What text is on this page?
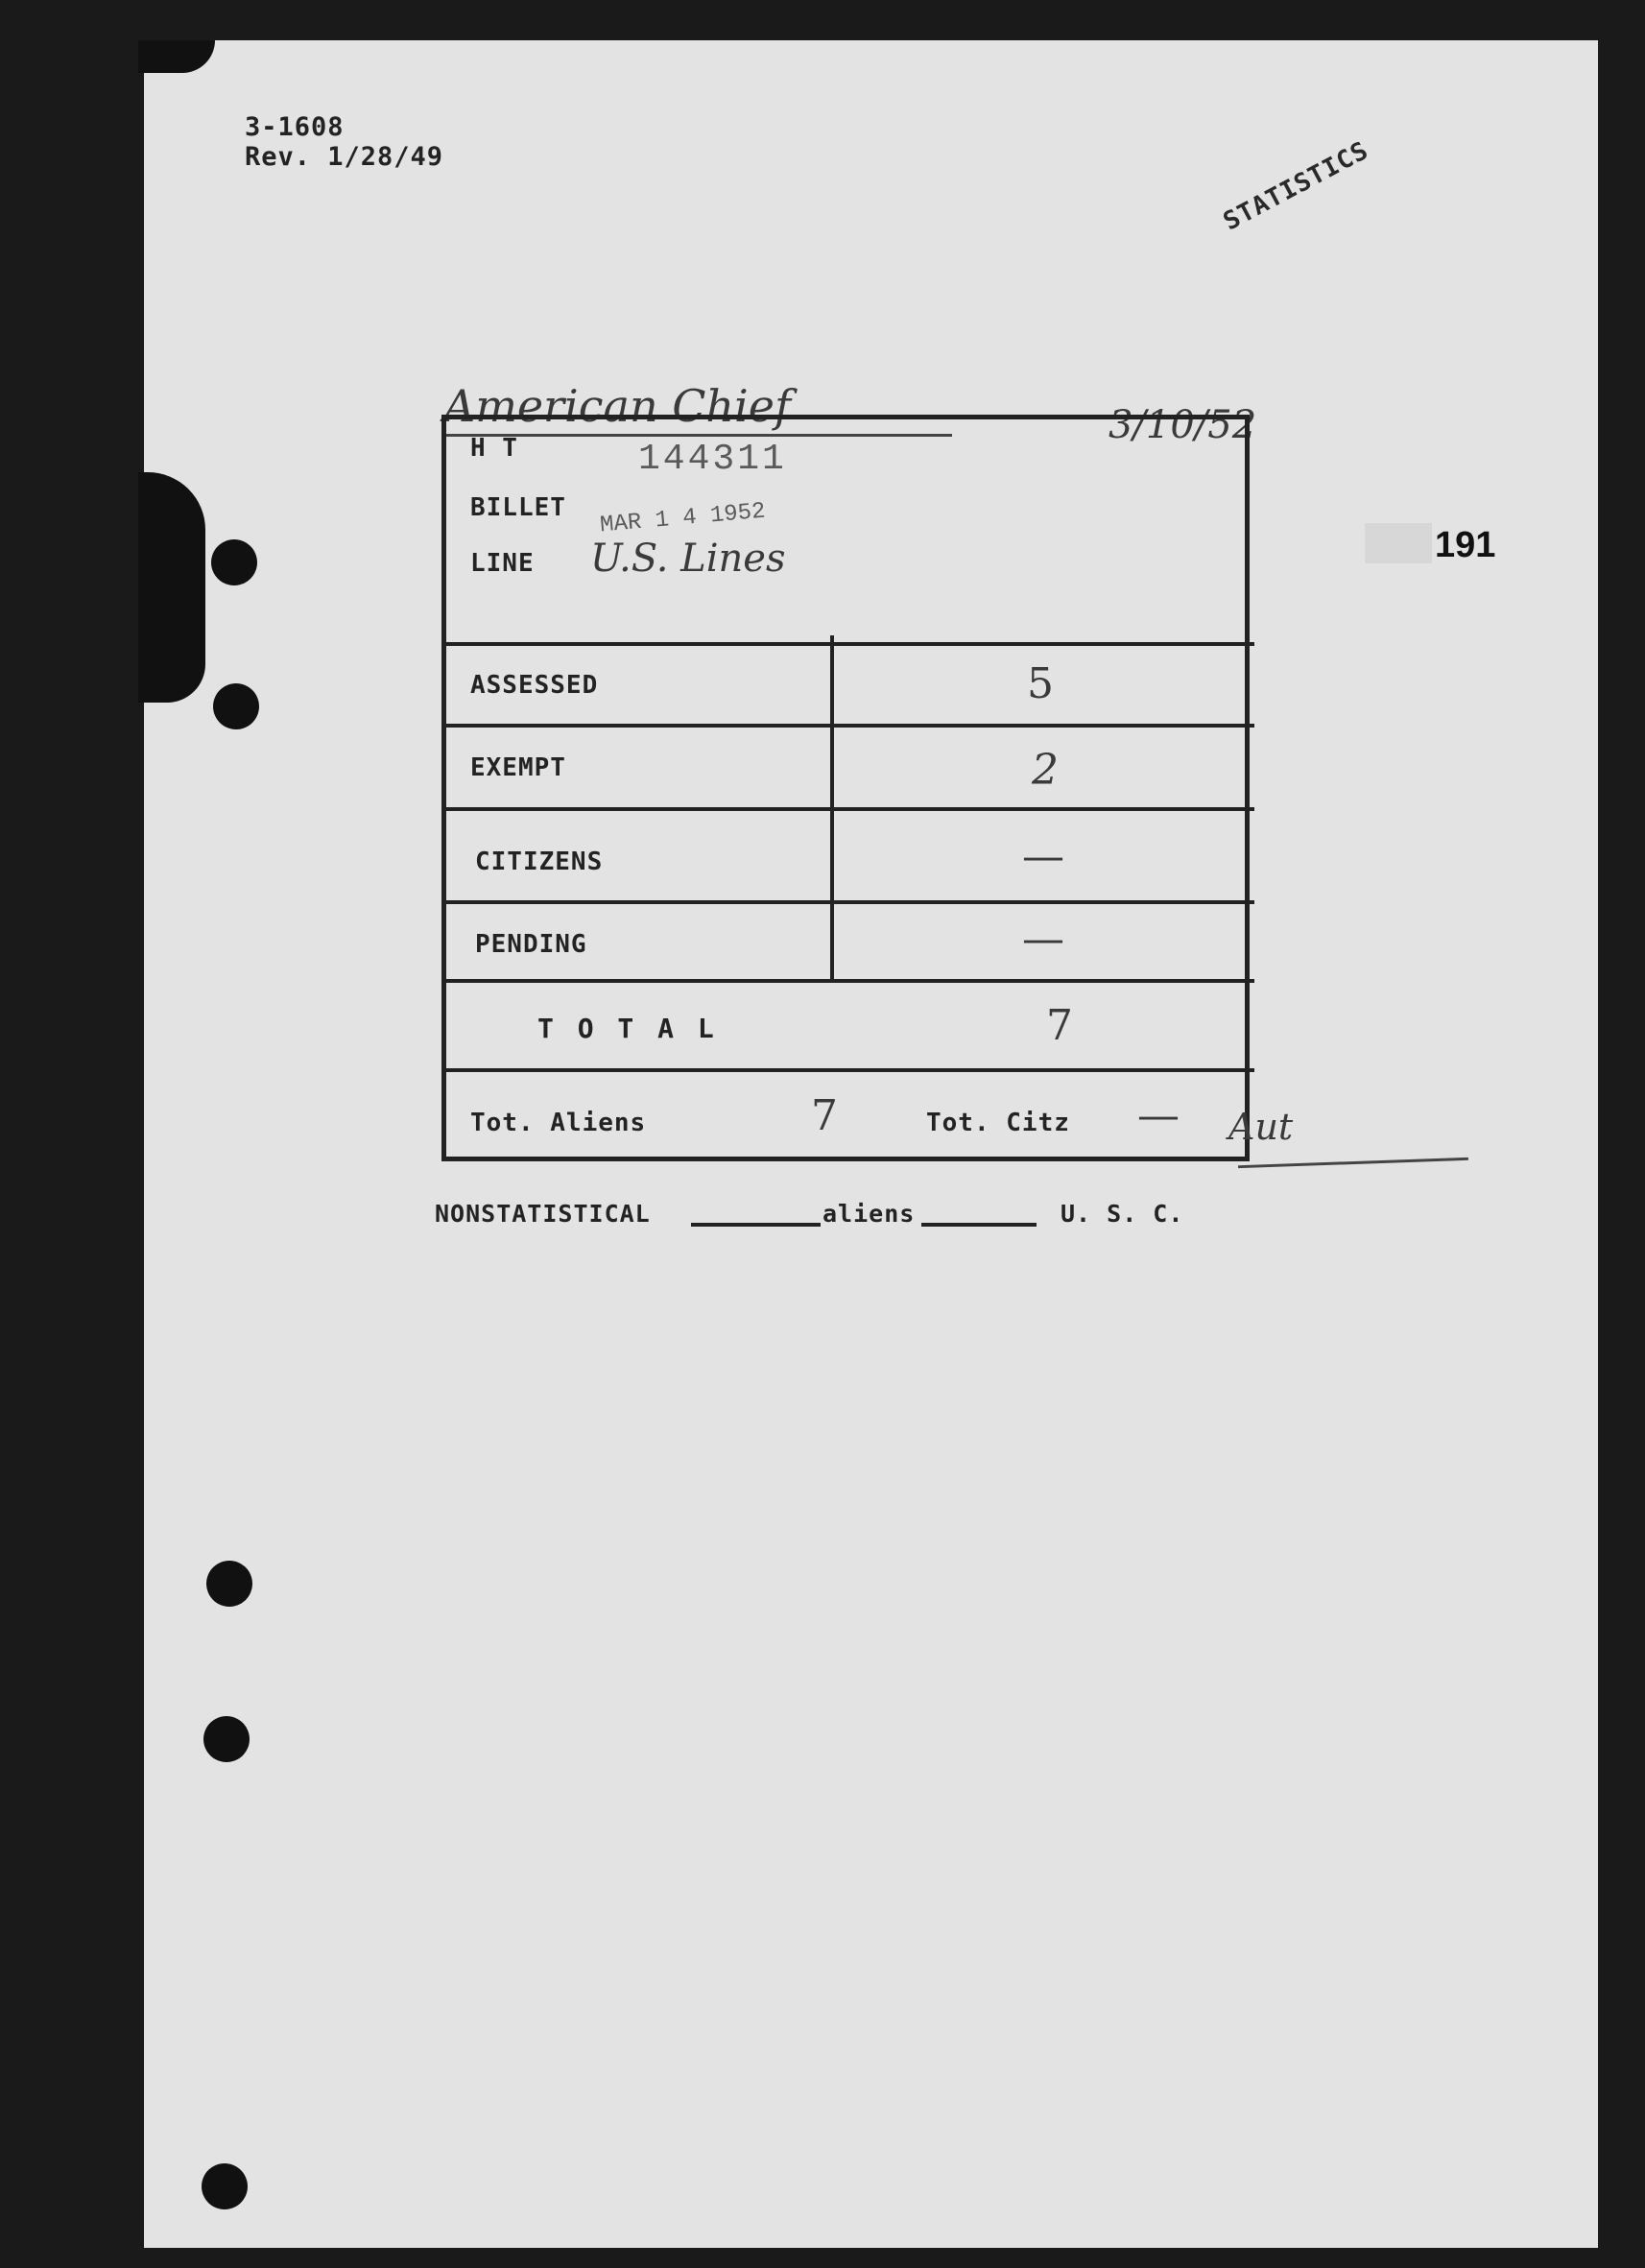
3-1608
Rev. 1/28/49	STATISTICS
191
American Chief	3/10/52
H T	144311
BILLET MAR 1 4 1952
LINE U.S. Lines
ASSESSED	5
EXEMPT	2
CITIZENS	—
PENDING	—
T O T A L	7
Tot. Aliens	7	Tot. Citz — Aut
NONSTATISTICAL	aliens	U. S. C.
